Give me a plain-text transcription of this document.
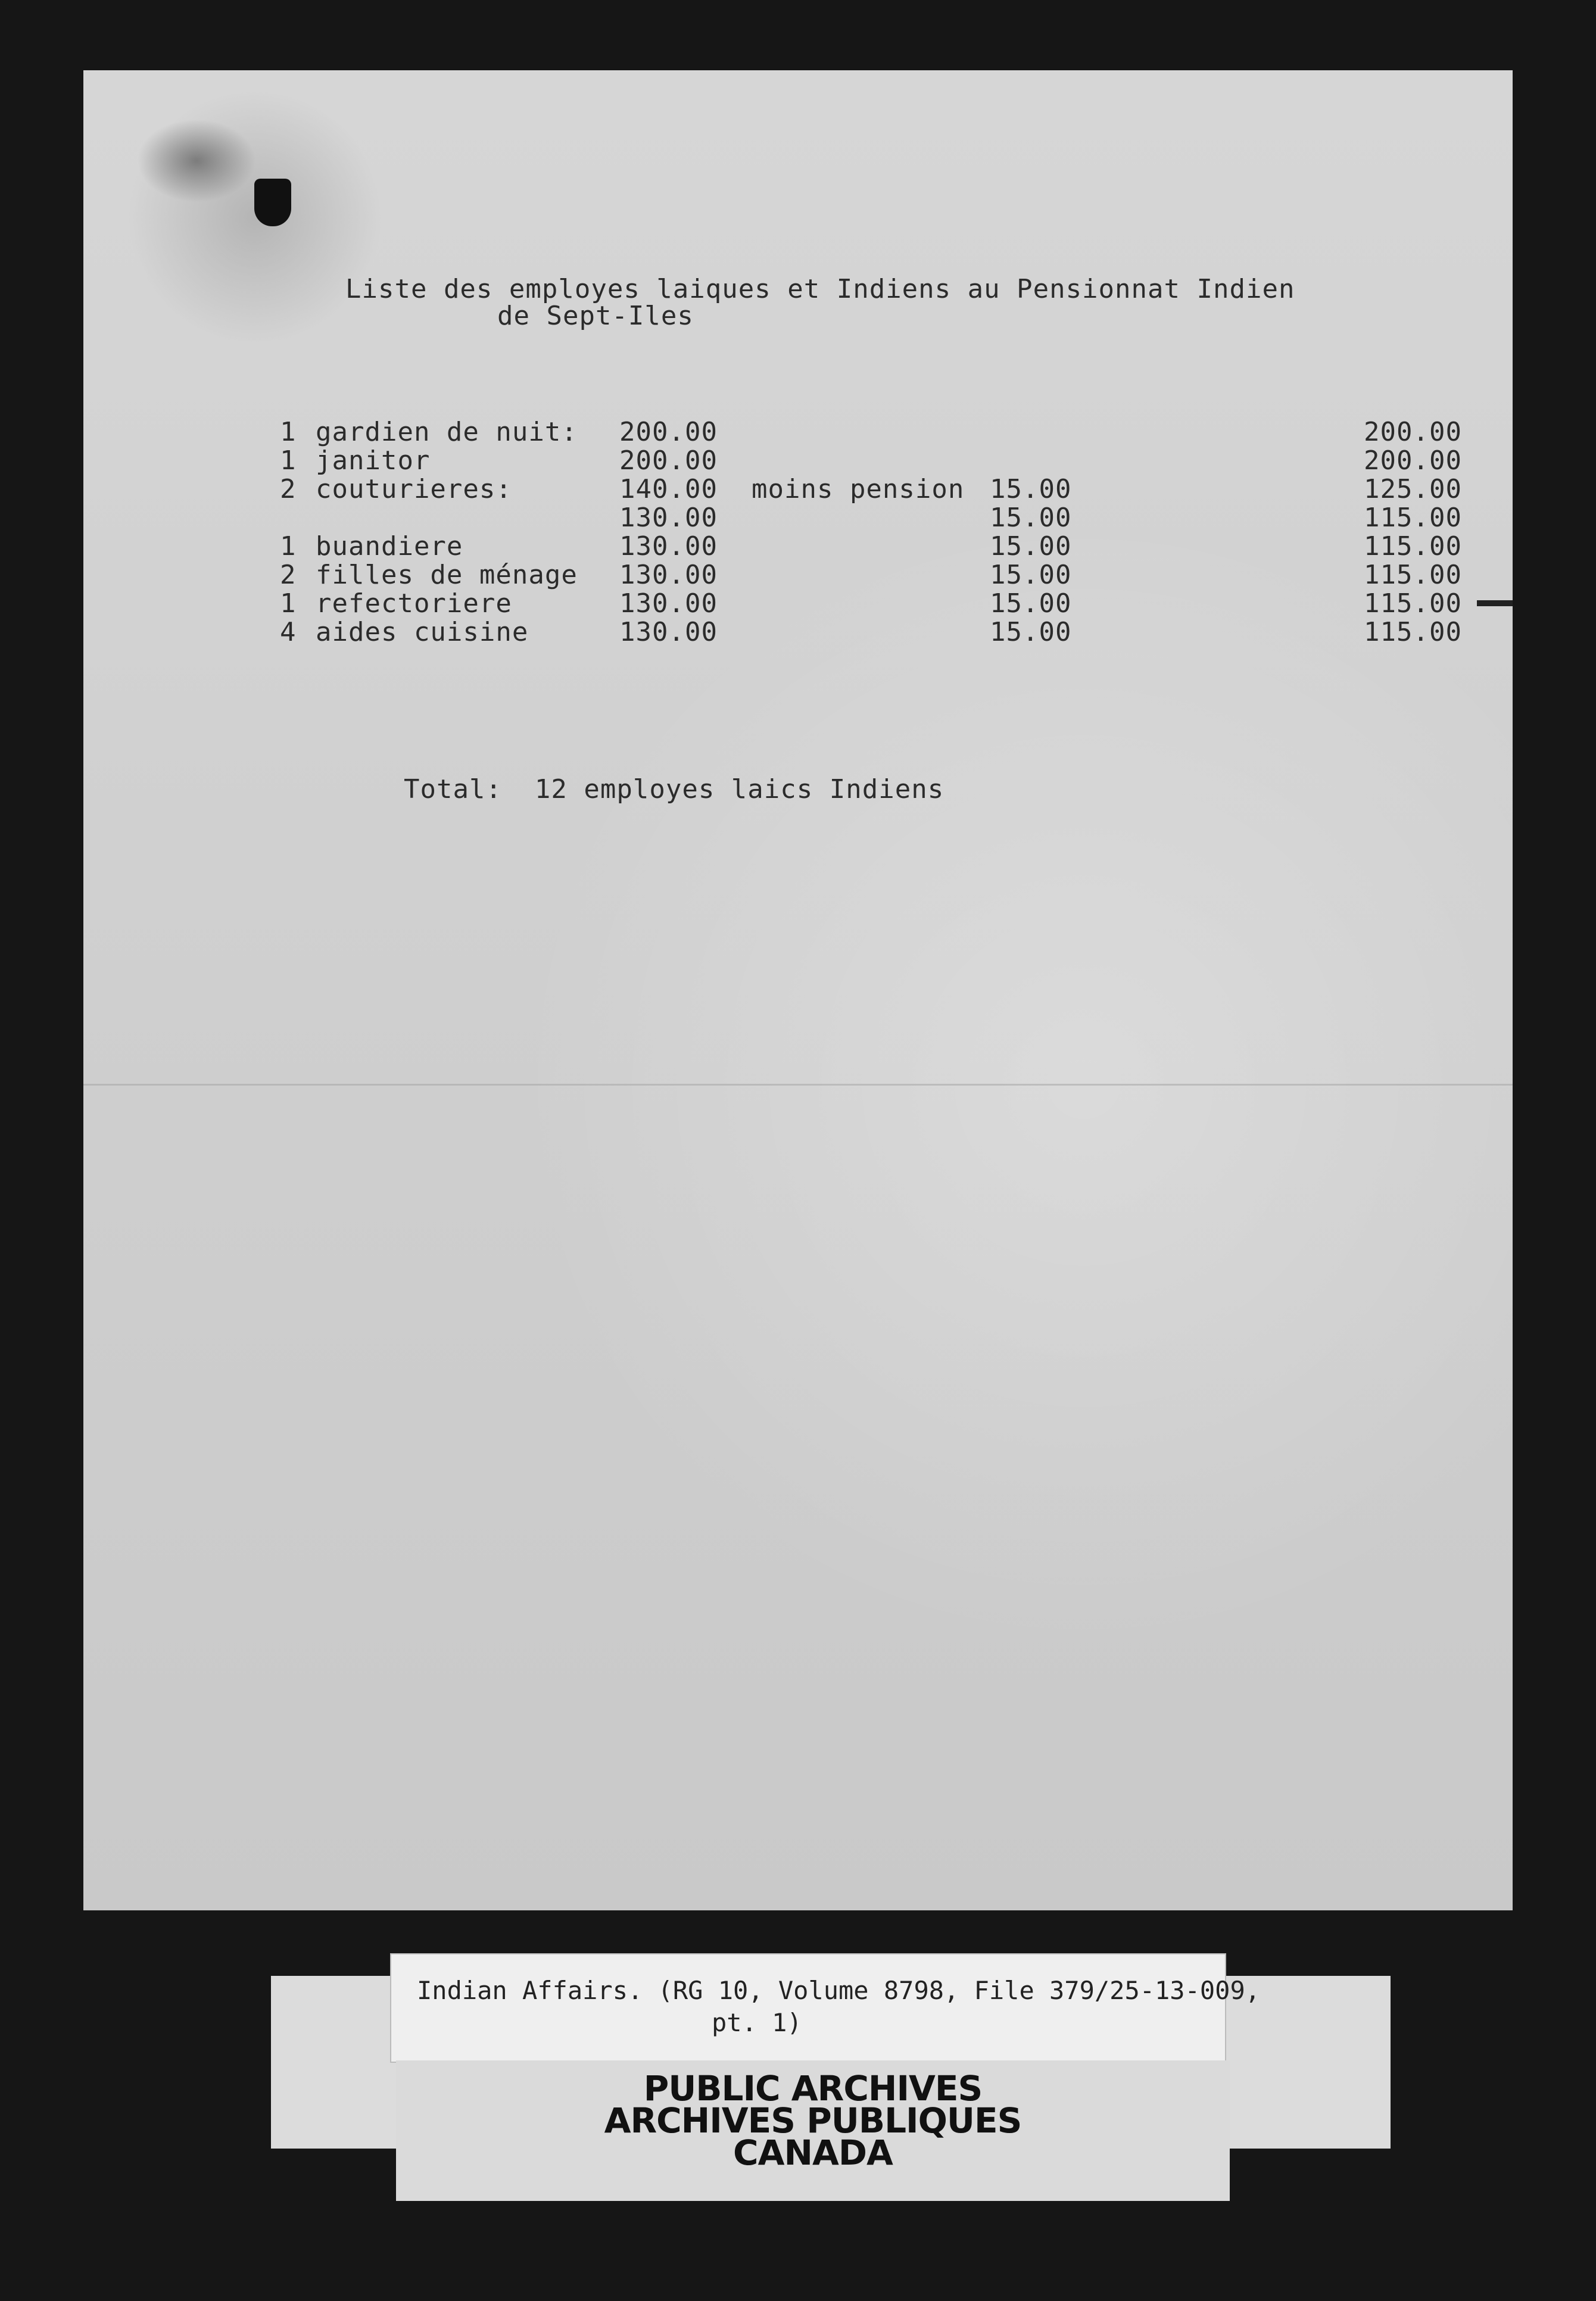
Liste des employes laiques et Indiens au Pensionnat Indien
de Sept-Iles
1 gardien de nuit: 200.00	200.00
1 janitor	200.00	200.00
2 couturieres:	140.00 moins pension 15.00	125.00
130.00	15.00	115.00
1 buandiere	130.00	15.00	115.00
2 filles de ménage 130.00	15.00	115.00
1 refectoriere	130.00	15.00	115.00
4 aides cuisine	130.00	15.00	115.00
Total:  12 employes laics Indiens
Indian Affairs. (RG 10, Volume 8798, File 379/25-13-009,
pt. 1)
PUBLIC ARCHIVES
ARCHIVES PUBLIQUES
CANADA
